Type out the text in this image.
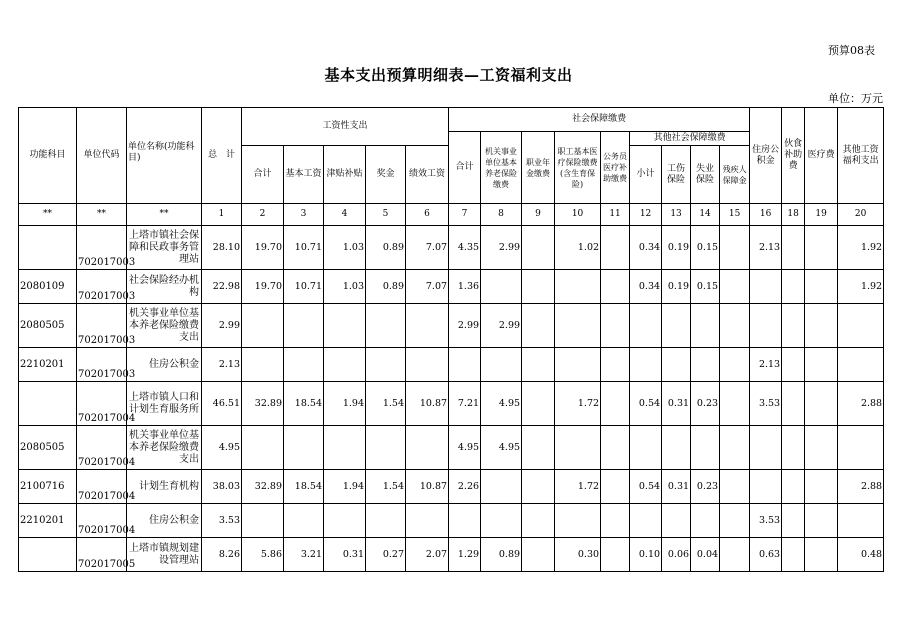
预算08表
基本支出预算明细表—工资福利支出
单位：万元
功能科目	单位代码	单位名称(功能科目)	总　计	工资性支出					社会保障缴费									住房公积金	伙食补助费	医疗费	其他工资福利支出
									合计	机关事业单位基本养老保险缴费	职业年金缴费	职工基本医疗保险缴费(含生育保险)	公务员医疗补助缴费	其他社会保障缴费							
				合计	基本工资	津贴补贴	奖金	绩效工资						小计	工伤保险	失业保险	残疾人保障金				
**	**	**	1	2	3	4	5	6	7	8	9	10	11	12	13	14	15	16	18	19	20
	702017003	上塔市镇社会保障和民政事务管理站	28.10	19.70	10.71	1.03	0.89	7.07	4.35	2.99		1.02		0.34	0.19	0.15		2.13			1.92
2080109	702017003	社会保险经办机构	22.98	19.70	10.71	1.03	0.89	7.07	1.36					0.34	0.19	0.15					1.92
2080505	702017003	机关事业单位基本养老保险缴费支出	2.99						2.99	2.99											
2210201	702017003	住房公积金	2.13															2.13			
	702017004	上塔市镇人口和计划生育服务所	46.51	32.89	18.54	1.94	1.54	10.87	7.21	4.95		1.72		0.54	0.31	0.23		3.53			2.88
2080505	702017004	机关事业单位基本养老保险缴费支出	4.95						4.95	4.95											
2100716	702017004	计划生育机构	38.03	32.89	18.54	1.94	1.54	10.87	2.26			1.72		0.54	0.31	0.23					2.88
2210201	702017004	住房公积金	3.53															3.53			
	702017005	上塔市镇规划建设管理站	8.26	5.86	3.21	0.31	0.27	2.07	1.29	0.89		0.30		0.10	0.06	0.04		0.63			0.48
